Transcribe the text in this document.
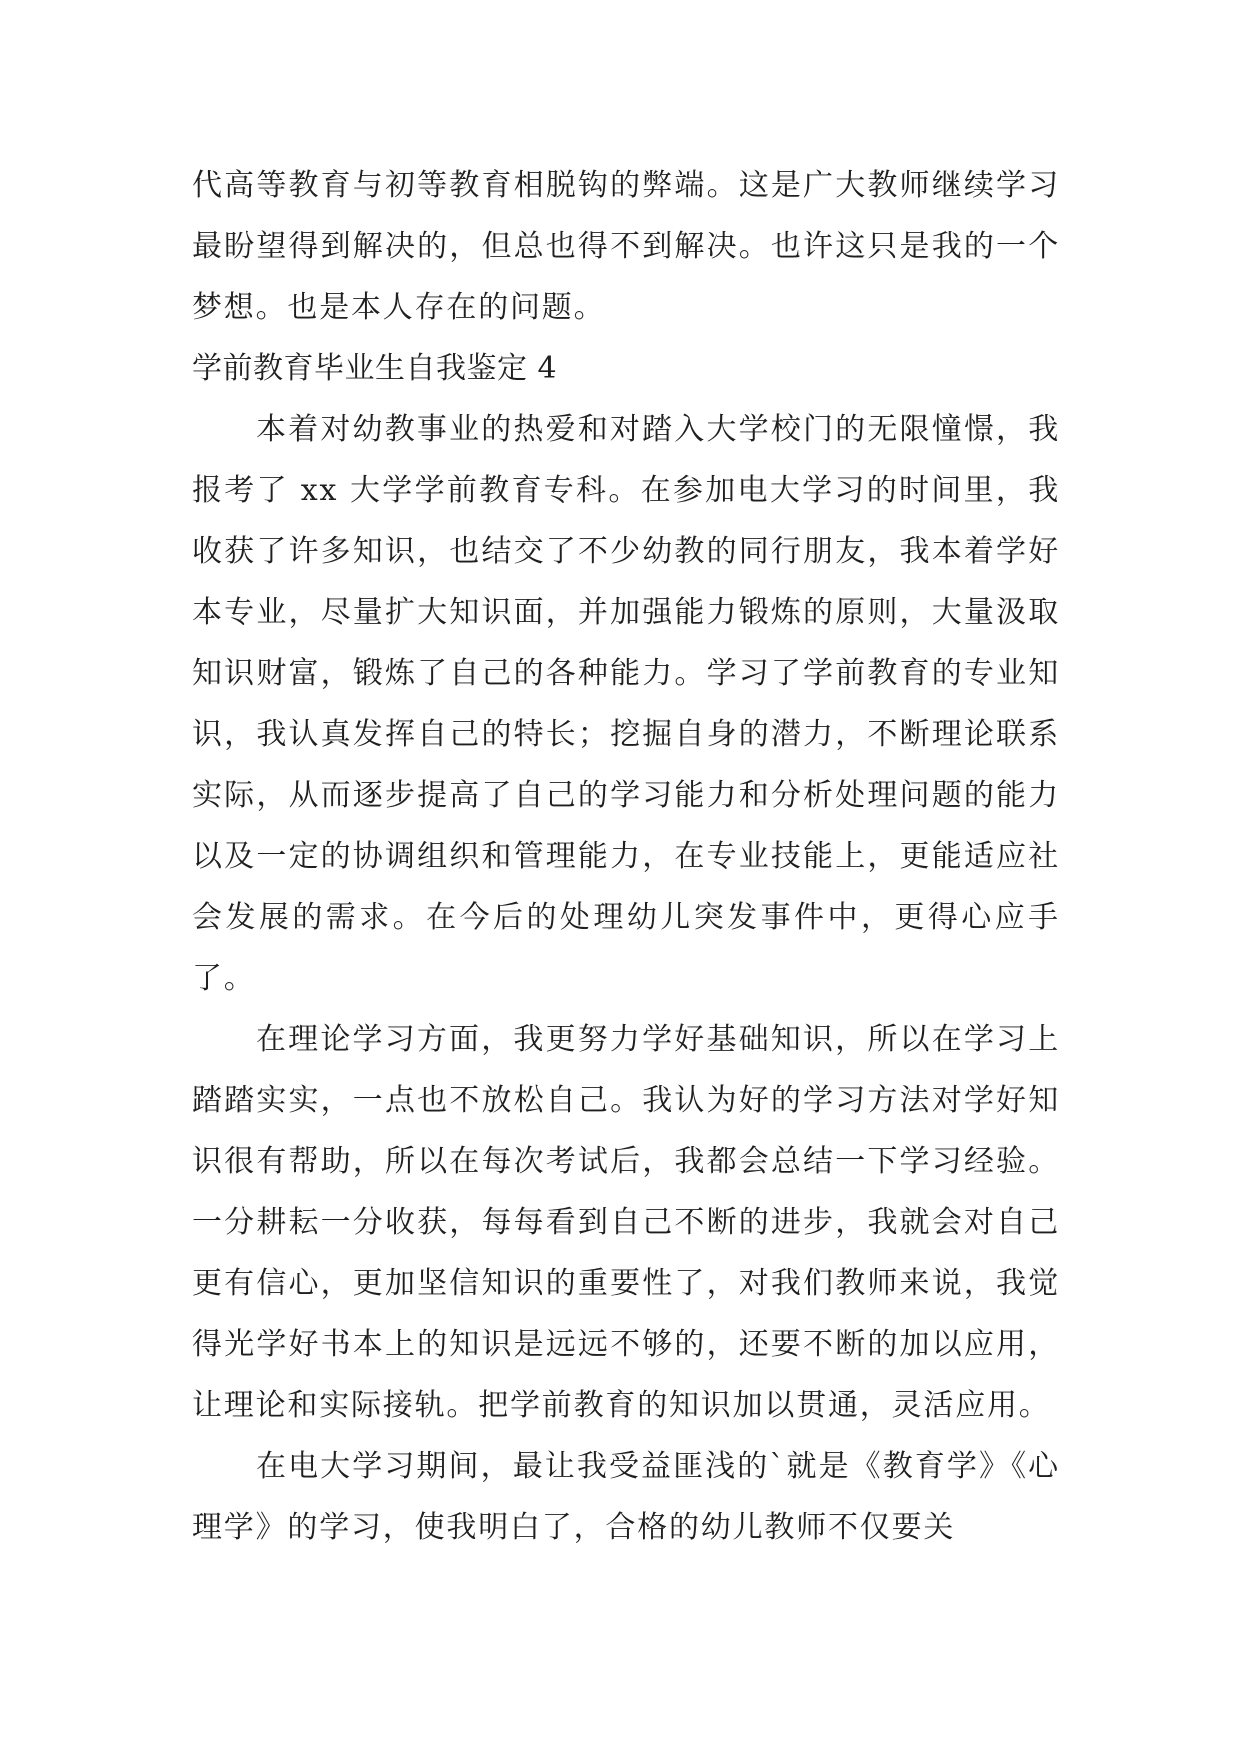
代高等教育与初等教育相脱钩的弊端。这是广大教师继续学习最盼望得到解决的，但总也得不到解决。也许这只是我的一个梦想。也是本人存在的问题。

学前教育毕业生自我鉴定 4

本着对幼教事业的热爱和对踏入大学校门的无限憧憬，我报考了 xx 大学学前教育专科。在参加电大学习的时间里，我收获了许多知识，也结交了不少幼教的同行朋友，我本着学好本专业，尽量扩大知识面，并加强能力锻炼的原则，大量汲取知识财富，锻炼了自己的各种能力。学习了学前教育的专业知识，我认真发挥自己的特长；挖掘自身的潜力，不断理论联系实际，从而逐步提高了自己的学习能力和分析处理问题的能力以及一定的协调组织和管理能力，在专业技能上，更能适应社会发展的需求。在今后的处理幼儿突发事件中，更得心应手了。

在理论学习方面，我更努力学好基础知识，所以在学习上踏踏实实，一点也不放松自己。我认为好的学习方法对学好知识很有帮助，所以在每次考试后，我都会总结一下学习经验。一分耕耘一分收获，每每看到自己不断的进步，我就会对自己更有信心，更加坚信知识的重要性了，对我们教师来说，我觉得光学好书本上的知识是远远不够的，还要不断的加以应用，让理论和实际接轨。把学前教育的知识加以贯通，灵活应用。

在电大学习期间，最让我受益匪浅的`就是《教育学》《心理学》的学习，使我明白了，合格的幼儿教师不仅要关
